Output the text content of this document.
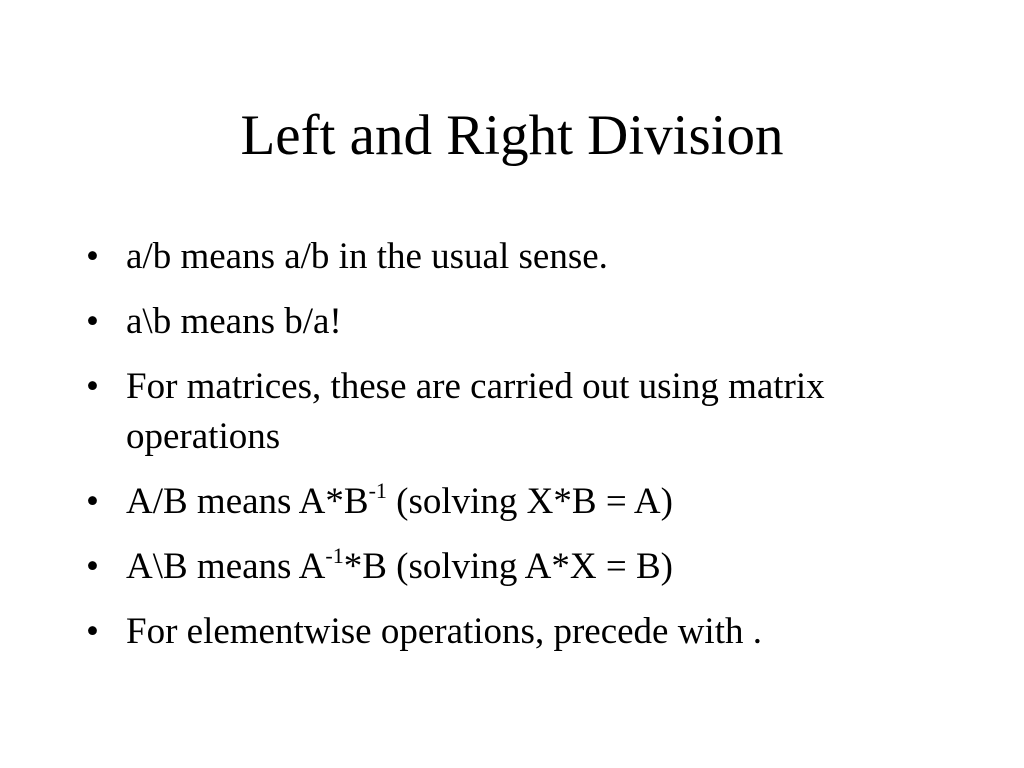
Left and Right Division
• a/b means a/b in the usual sense.
• a\b means b/a!
• For matrices, these are carried out using matrix operations
• A/B means $A*B^{-1}$ (solving X*B = A)
• A\B means $A^{-1}*B$ (solving A*X = B)
• For elementwise operations, precede with .
